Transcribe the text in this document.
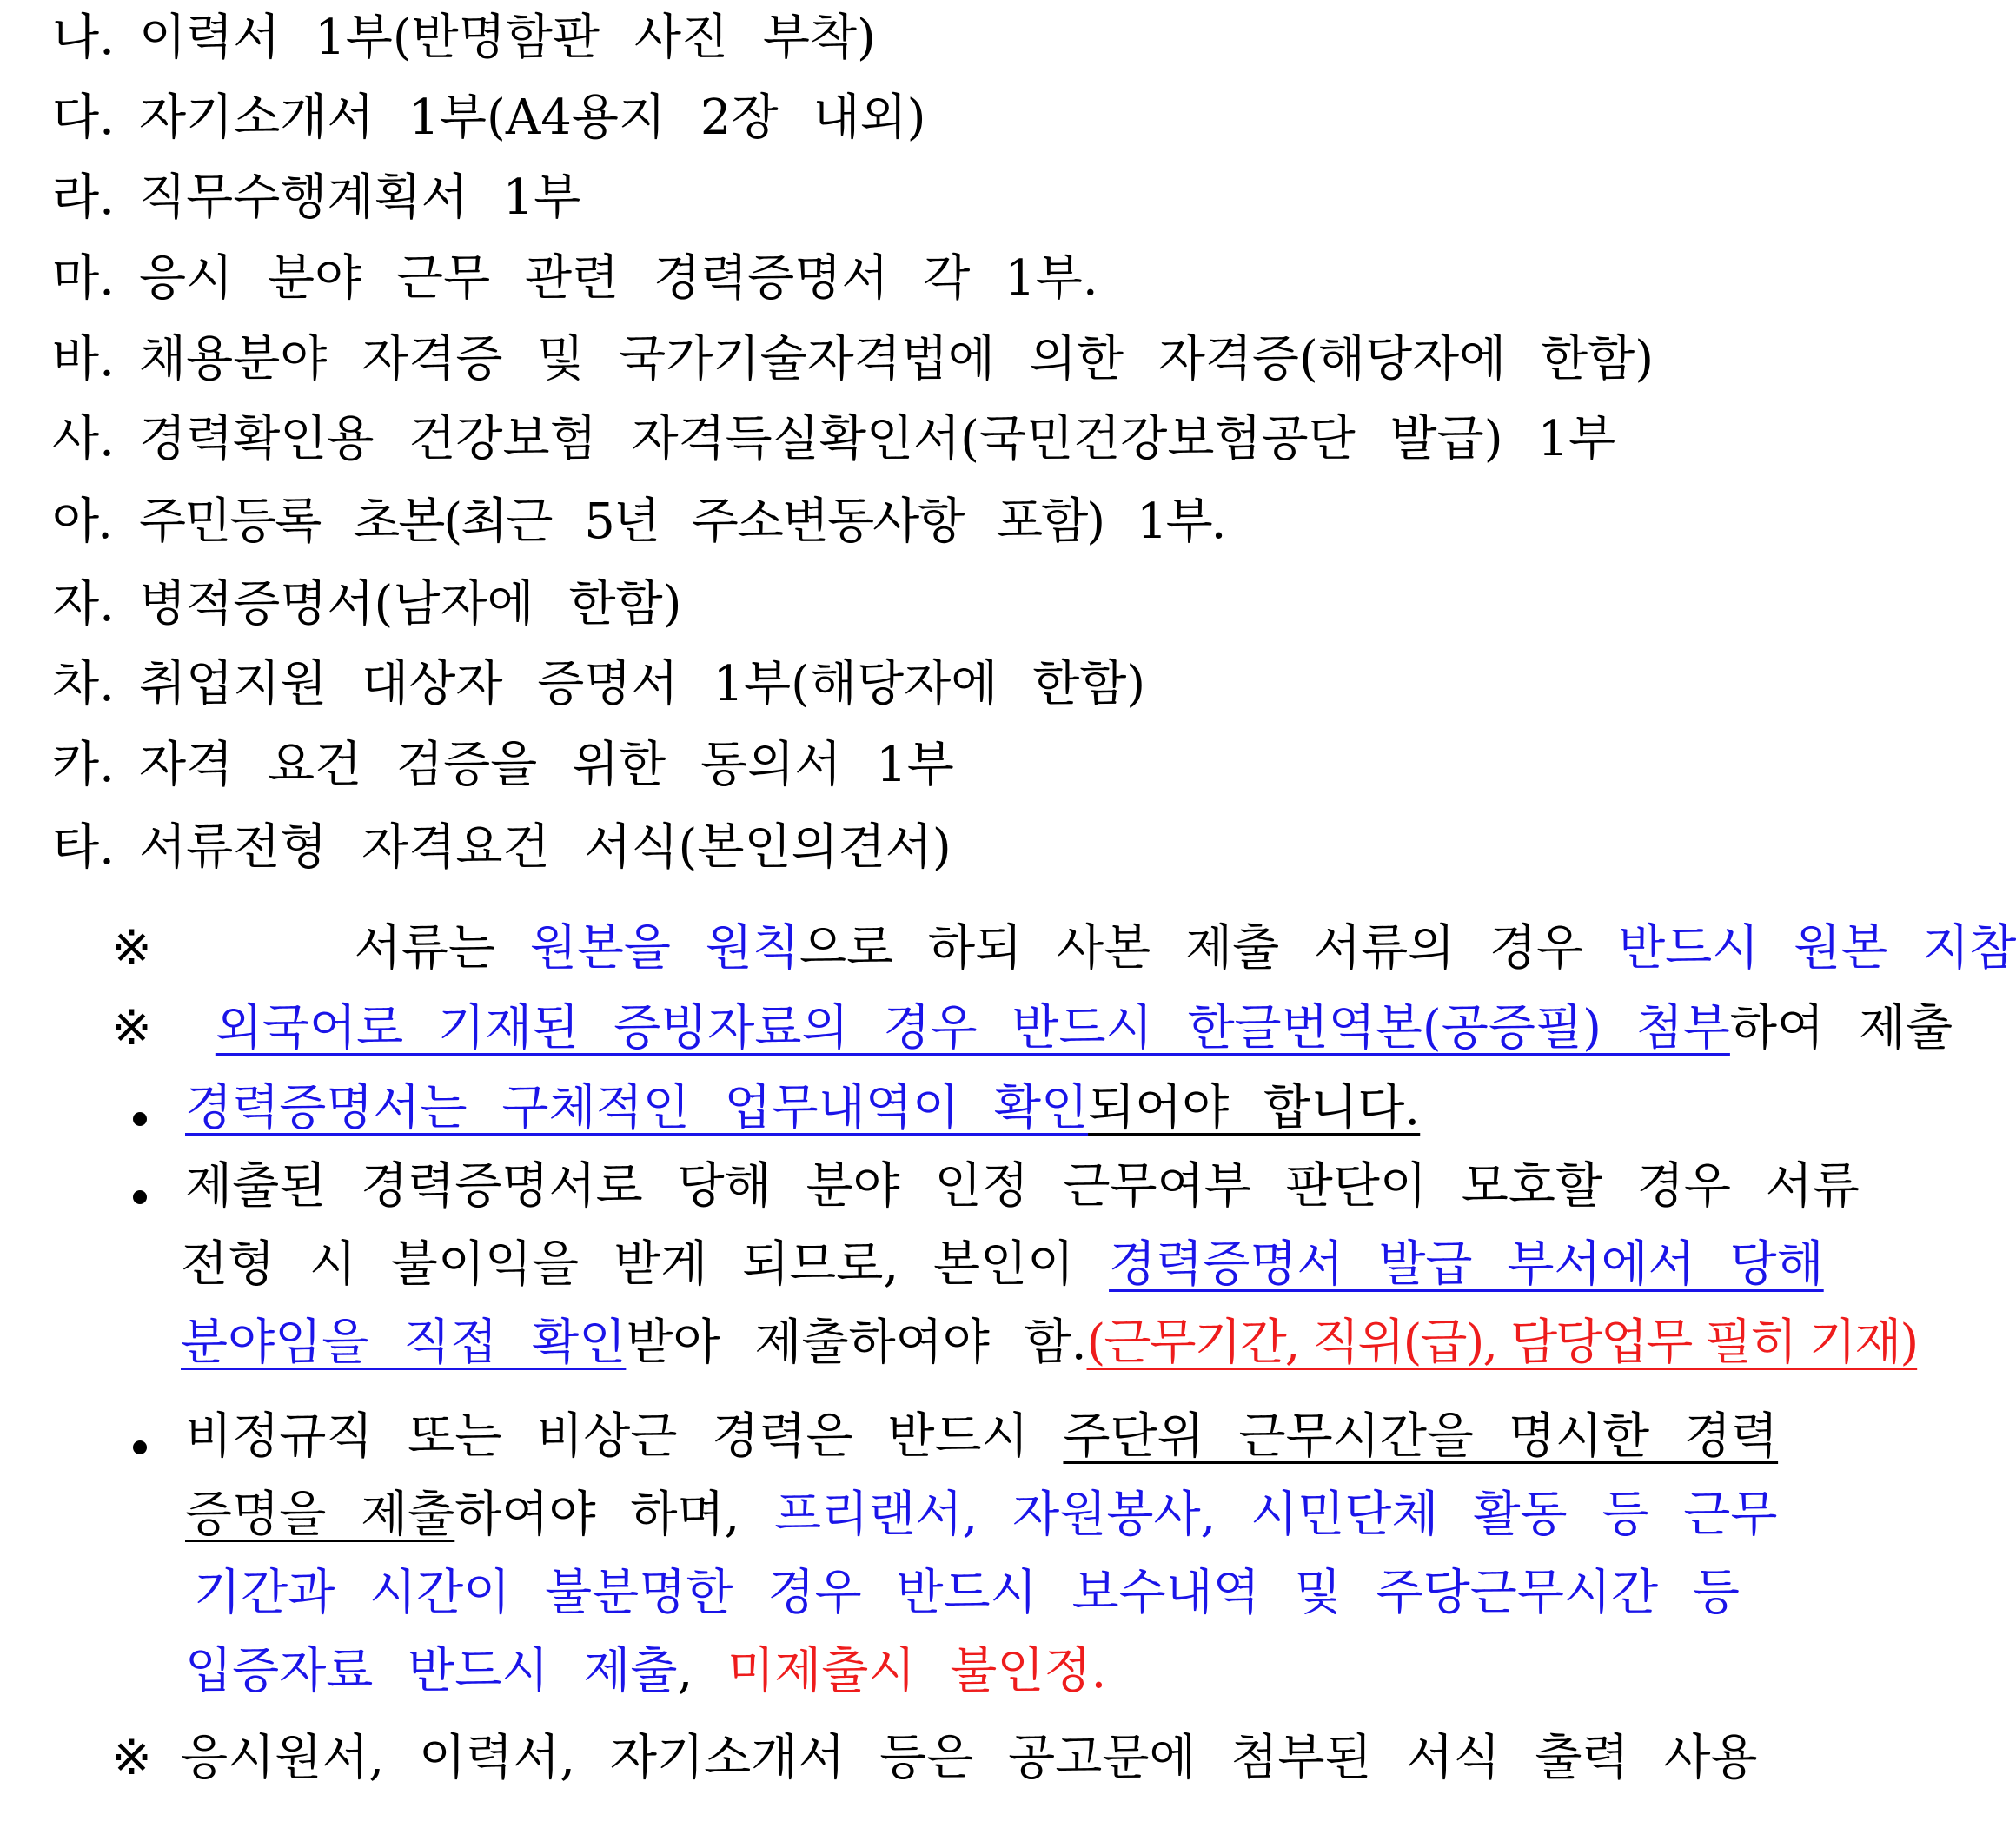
나. 이력서 1부(반명함판 사진 부착)
다. 자기소개서 1부(A4용지 2장 내외)
라. 직무수행계획서 1부
마. 응시 분야 근무 관련 경력증명서 각 1부.
바. 채용분야 자격증 및 국가기술자격법에 의한 자격증(해당자에 한함)
사. 경력확인용 건강보험 자격득실확인서(국민건강보험공단 발급) 1부
아. 주민등록 초본(최근 5년 주소변동사항 포함) 1부.
자. 병적증명서(남자에 한함)
차. 취업지원 대상자 증명서 1부(해당자에 한함)
카. 자격 요건 검증을 위한 동의서 1부
타. 서류전형 자격요건 서식(본인의견서)
※	서류는 원본을 원칙으로 하되 사본 제출 서류의 경우 반드시 원본 지참
※ 외국어로 기재된 증빙자료의 경우 반드시 한글번역본(공증필) 첨부하여 제출
경력증명서는 구체적인 업무내역이 확인되어야 합니다.
제출된 경력증명서로 당해 분야 인정 근무여부 판단이 모호할 경우 서류
전형 시 불이익을 받게 되므로, 본인이 경력증명서 발급 부서에서 당해
분야임을 직접 확인받아 제출하여야 함.(근무기간, 직위(급), 담당업무 필히 기재)
비정규직 또는 비상근 경력은 반드시 주단위 근무시간을 명시한 경력
증명을 제출하여야 하며, 프리랜서, 자원봉사, 시민단체 활동 등 근무
기간과 시간이 불분명한 경우 반드시 보수내역 및 주당근무시간 등
입증자료 반드시 제출, 미제출시 불인정.
※ 응시원서, 이력서, 자기소개서 등은 공고문에 첨부된 서식 출력 사용
